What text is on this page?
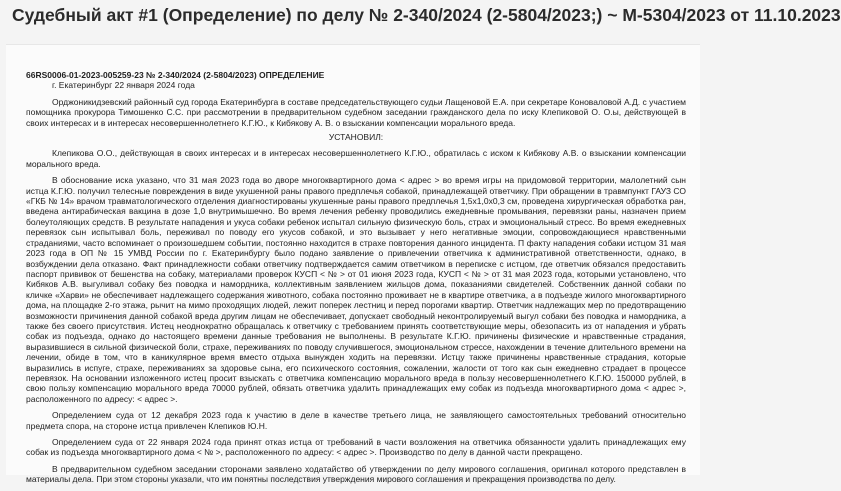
Судебный акт #1 (Определение) по делу № 2-340/2024 (2-5804/2023;) ~ М-5304/2023 от 11.10.2023

66RS0006-01-2023-005259-23 № 2-340/2024 (2-5804/2023) ОПРЕДЕЛЕНИЕ

г. Екатеринбург 22 января 2024 года

Орджоникидзевский районный суд города Екатеринбурга в составе председательствующего судьи Лащеновой Е.А. при секретаре Коноваловой А.Д. с участием помощника прокурора Тимошенко С.С. при рассмотрении в предварительном судебном заседании гражданского дела по иску Клепиковой О. О.ы, действующей в своих интересах и в интересах несовершеннолетнего К.Г.Ю., к Кибякову А. В. о взыскании компенсации морального вреда.

УСТАНОВИЛ:

Клепикова О.О., действующая в своих интересах и в интересах несовершеннолетнего К.Г.Ю., обратилась с иском к Кибякову А.В. о взыскании компенсации морального вреда.

В обоснование иска указано, что 31 мая 2023 года во дворе многоквартирного дома < адрес > во время игры на придомовой территории, малолетний сын истца К.Г.Ю. получил телесные повреждения в виде укушенной раны правого предплечья собакой, принадлежащей ответчику. При обращении в травмпункт ГАУЗ СО «ГКБ № 14» врачом травматологического отделения диагностированы укушенные раны правого предплечья 1,5х1,0х0,3 см, проведена хирургическая обработка ран, введена антирабическая вакцина в дозе 1,0 внутримышечно. Во время лечения ребенку проводились ежедневные промывания, перевязки раны, назначен прием болеутоляющих средств. В результате нападения и укуса собаки ребенок испытал сильную физическую боль, страх и эмоциональный стресс. Во время ежедневных перевязок сын испытывал боль, переживал по поводу его укусов собакой, и это вызывает у него негативные эмоции, сопровождающиеся нравственными страданиями, часто вспоминает о произошедшем событии, постоянно находится в страхе повторения данного инцидента. П факту нападения собаки истцом 31 мая 2023 года в ОП № 15 УМВД России по г. Екатеринбургу было подано заявление о привлечении ответчика к административной ответственности, однако, в возбуждении дела отказано. Факт принадлежности собаки ответчику подтверждается самим ответчиком в переписке с истцом, где ответчик обязался предоставить паспорт прививок от бешенства на собаку, материалами проверок КУСП < № > от 01 июня 2023 года, КУСП < № > от 31 мая 2023 года, которыми установлено, что Кибяков А.В. выгуливал собаку без поводка и намордника, коллективным заявлением жильцов дома, показаниями свидетелей. Собственник данной собаки по кличке «Харви» не обеспечивает надлежащего содержания животного, собака постоянно проживает не в квартире ответчика, а в подъезде жилого многоквартирного дома, на площадке 2-го этажа, рычит на мимо проходящих людей, лежит поперек лестниц и перед порогами квартир. Ответчик надлежащих мер по предотвращению возможности причинения данной собакой вреда другим лицам не обеспечивает, допускает свободный неконтролируемый выгул собаки без поводка и намордника, а также без своего присутствия. Истец неоднократно обращалась к ответчику с требованием принять соответствующие меры, обезопасить из от нападения и убрать собак из подъезда, однако до настоящего времени данные требования не выполнены. В результате К.Г.Ю. причинены физические и нравственные страдания, выразившиеся в сильной физической боли, страхе, переживаниях по поводу случившегося, эмоциональном стрессе, нахождении в течение длительного времени на лечении, обиде в том, что в каникулярное время вместо отдыха вынужден ходить на перевязки. Истцу также причинены нравственные страдания, которые выразились в испуге, страхе, переживаниях за здоровье сына, его психического состояния, сожалении, жалости от того как сын ежедневно страдает в процессе перевязок. На основании изложенного истец просит взыскать с ответчика компенсацию морального вреда в пользу несовершеннолетнего К.Г.Ю. 150000 рублей, в свою пользу компенсацию морального вреда 70000 рублей, обязать ответчика удалить принадлежащих ему собак из подъезда многоквартирного дома < адрес >, расположенного по адресу: < адрес >.

Определением суда от 12 декабря 2023 года к участию в деле в качестве третьего лица, не заявляющего самостоятельных требований относительно предмета спора, на стороне истца привлечен Клепиков Ю.Н.

Определением суда от 22 января 2024 года принят отказ истца от требований в части возложения на ответчика обязанности удалить принадлежащих ему собак из подъезда многоквартирного дома < № >, расположенного по адресу: < адрес >. Производство по делу в данной части прекращено.

В предварительном судебном заседании сторонами заявлено ходатайство об утверждении по делу мирового соглашения, оригинал которого представлен в материалы дела. При этом стороны указали, что им понятны последствия утверждения мирового соглашения и прекращения производства по делу.
